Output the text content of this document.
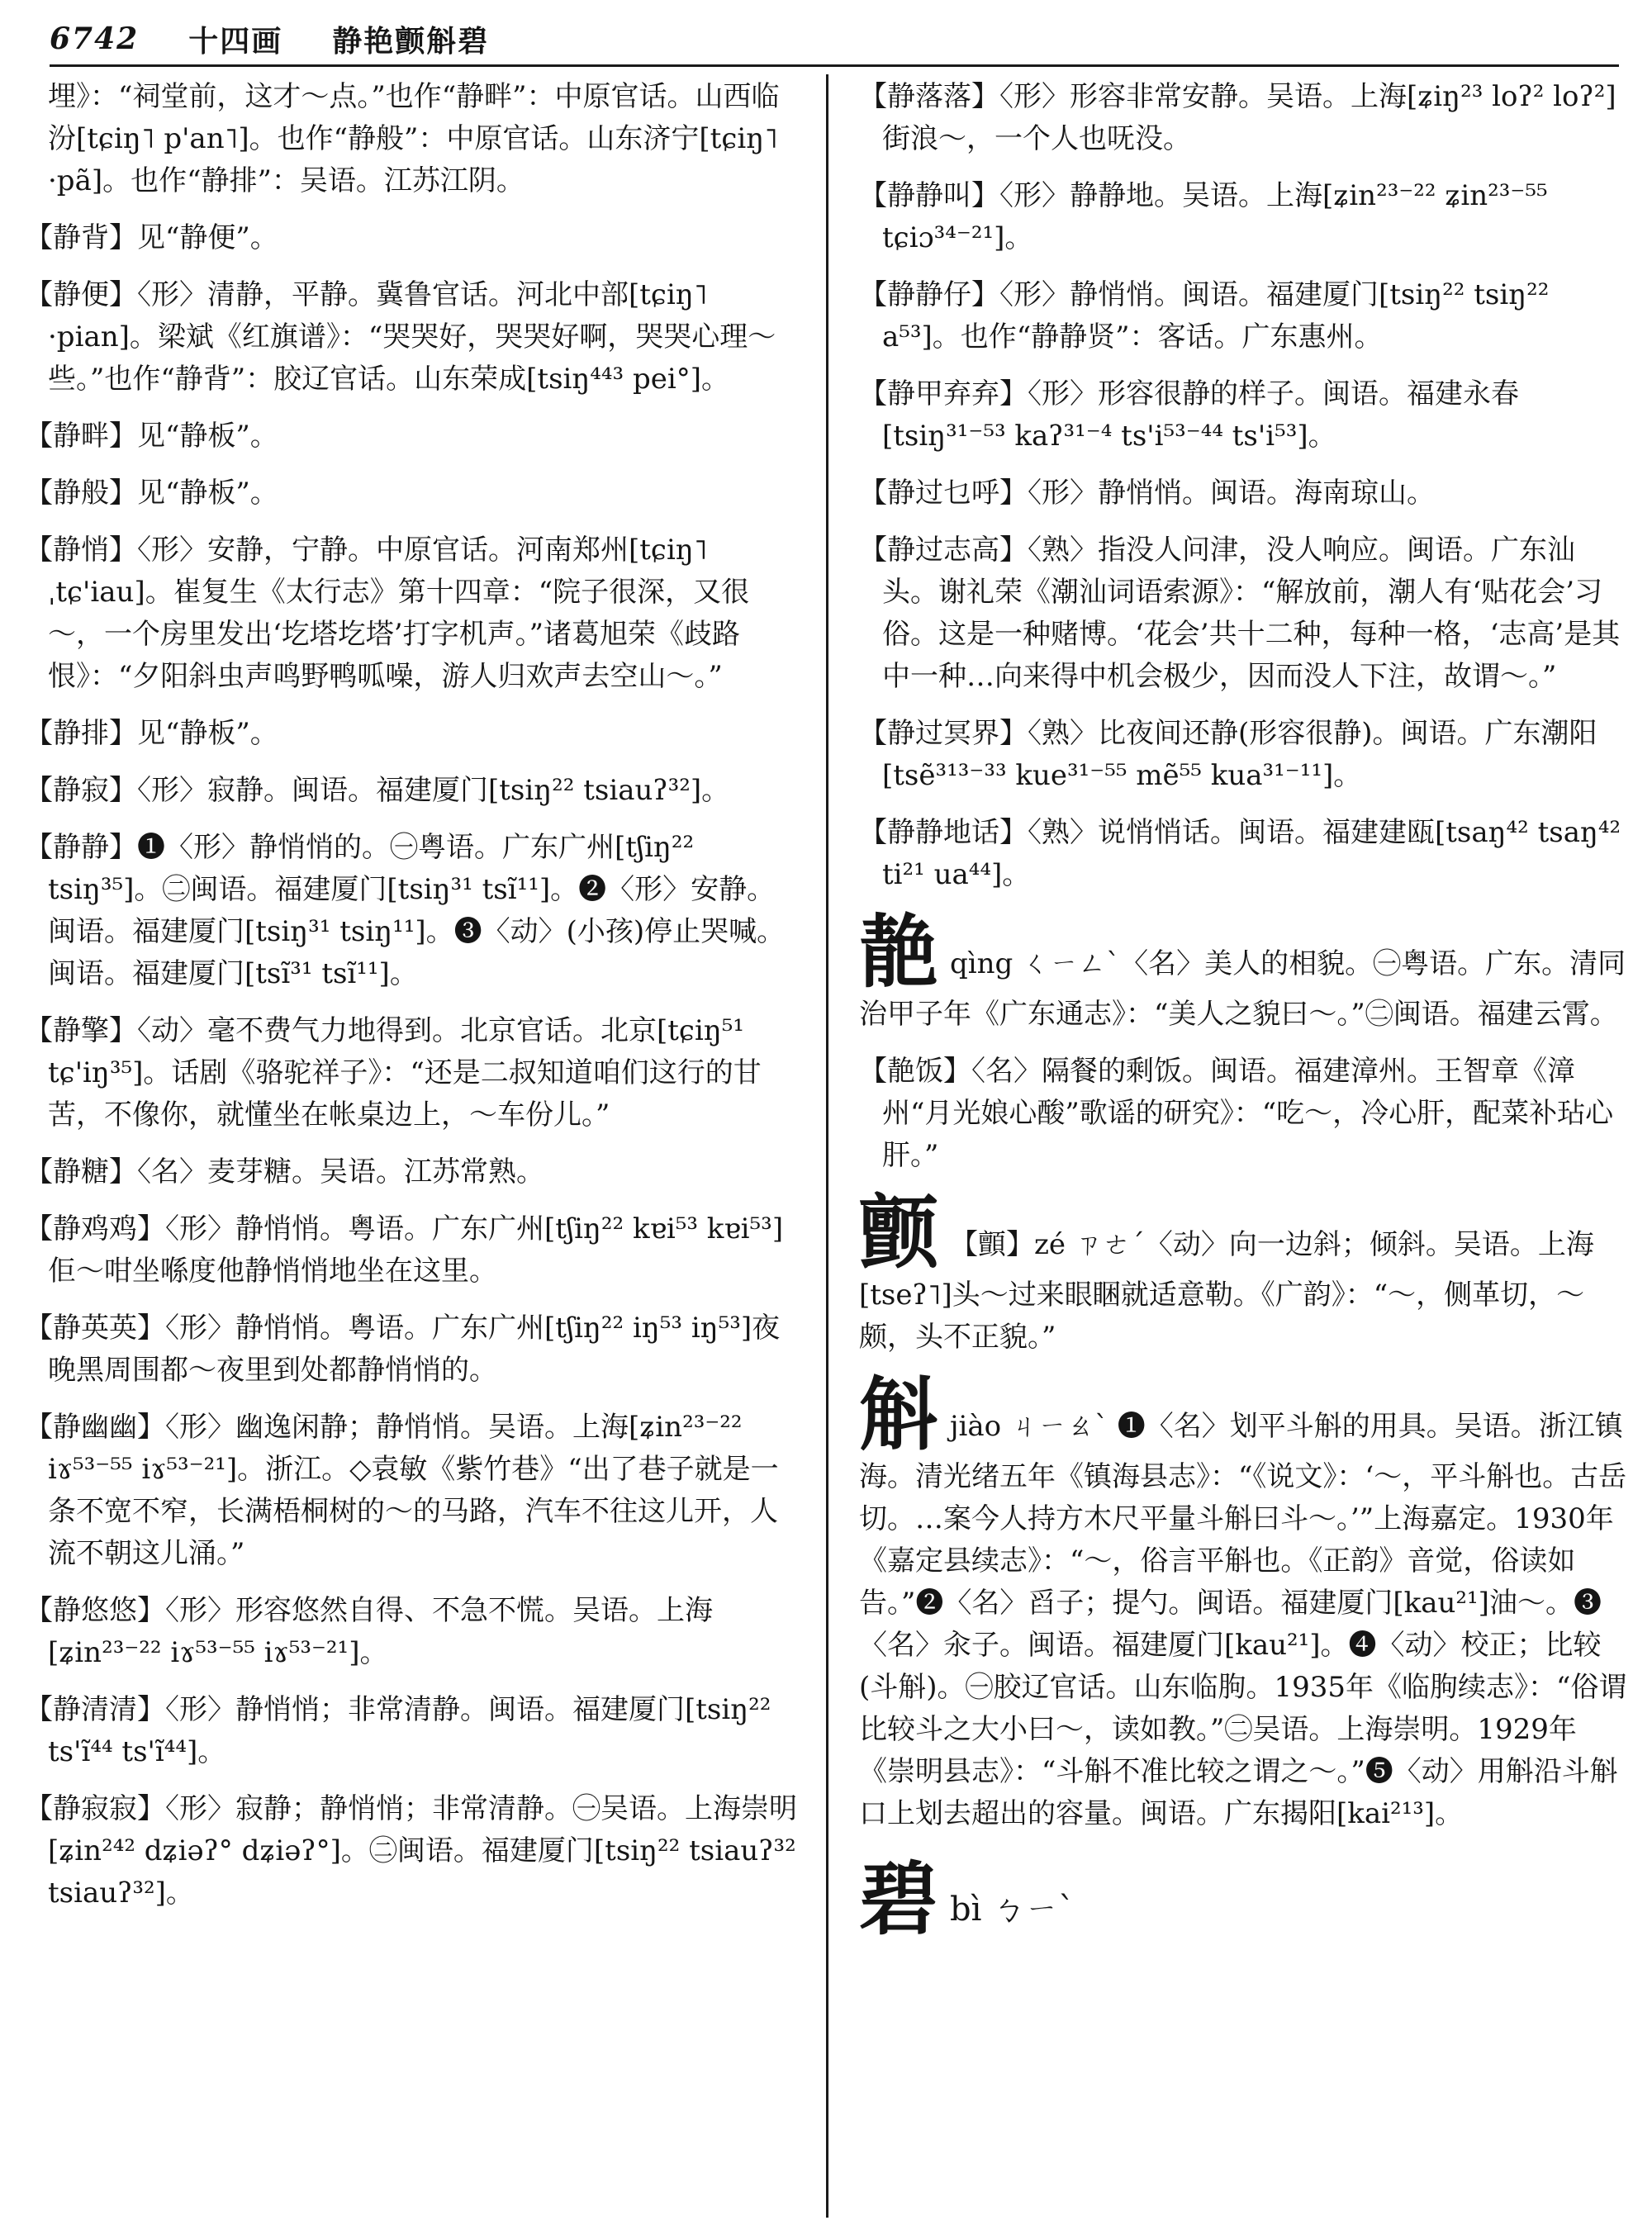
6742 十四画 静艳颤斛碧

埋》：“祠堂前，这才～点。”也作“静畔”：中原官话。山西临汾[tɕiŋ˥ p'an˥]。也作“静般”：中原官话。山东济宁[tɕiŋ˥ ·pã]。也作“静排”：吴语。江苏江阴。

【静背】见“静便”。

【静便】〈形〉清静，平静。冀鲁官话。河北中部[tɕiŋ˥ ·pian]。梁斌《红旗谱》：“哭哭好，哭哭好啊，哭哭心理～些。”也作“静背”：胶辽官话。山东荣成[tsiŋ⁴⁴³ pei°]。

【静畔】见“静板”。

【静般】见“静板”。

【静悄】〈形〉安静，宁静。中原官话。河南郑州[tɕiŋ˥ ˌtɕ'iau]。崔复生《太行志》第十四章：“院子很深，又很～，一个房里发出‘圪塔圪塔’打字机声。”诸葛旭荣《歧路恨》：“夕阳斜虫声鸣野鸭呱噪，游人归欢声去空山～。”

【静排】见“静板”。

【静寂】〈形〉寂静。闽语。福建厦门[tsiŋ²² tsiauʔ³²]。

【静静】❶〈形〉静悄悄的。㊀粤语。广东广州[tʃiŋ²² tsiŋ³⁵]。㊁闽语。福建厦门[tsiŋ³¹ tsĩ¹¹]。❷〈形〉安静。闽语。福建厦门[tsiŋ³¹ tsiŋ¹¹]。❸〈动〉(小孩)停止哭喊。闽语。福建厦门[tsĩ³¹ tsĩ¹¹]。

【静擎】〈动〉毫不费气力地得到。北京官话。北京[tɕiŋ⁵¹ tɕ'iŋ³⁵]。话剧《骆驼祥子》：“还是二叔知道咱们这行的甘苦，不像你，就懂坐在帐桌边上，～车份儿。”

【静糖】〈名〉麦芽糖。吴语。江苏常熟。

【静鸡鸡】〈形〉静悄悄。粤语。广东广州[tʃiŋ²² kɐi⁵³ kɐi⁵³]佢～咁坐喺度他静悄悄地坐在这里。

【静英英】〈形〉静悄悄。粤语。广东广州[tʃiŋ²² iŋ⁵³ iŋ⁵³]夜晚黑周围都～夜里到处都静悄悄的。

【静幽幽】〈形〉幽逸闲静；静悄悄。吴语。上海[ʑin²³⁻²² iɤ⁵³⁻⁵⁵ iɤ⁵³⁻²¹]。浙江。◇袁敏《紫竹巷》“出了巷子就是一条不宽不窄，长满梧桐树的～的马路，汽车不往这儿开，人流不朝这儿涌。”

【静悠悠】〈形〉形容悠然自得、不急不慌。吴语。上海[ʑin²³⁻²² iɤ⁵³⁻⁵⁵ iɤ⁵³⁻²¹]。

【静清清】〈形〉静悄悄；非常清静。闽语。福建厦门[tsiŋ²² ts'ĩ⁴⁴ ts'ĩ⁴⁴]。

【静寂寂】〈形〉寂静；静悄悄；非常清静。㊀吴语。上海崇明[ʑin²⁴² dʑiəʔ° dʑiəʔ°]。㊁闽语。福建厦门[tsiŋ²² tsiauʔ³² tsiauʔ³²]。

【静落落】〈形〉形容非常安静。吴语。上海[ʑiŋ²³ loʔ² loʔ²]街浪～，一个人也呒没。

【静静叫】〈形〉静静地。吴语。上海[ʑin²³⁻²² ʑin²³⁻⁵⁵ tɕiɔ³⁴⁻²¹]。

【静静仔】〈形〉静悄悄。闽语。福建厦门[tsiŋ²² tsiŋ²² a⁵³]。也作“静静贤”：客话。广东惠州。

【静甲弃弃】〈形〉形容很静的样子。闽语。福建永春[tsiŋ³¹⁻⁵³ kaʔ³¹⁻⁴ ts'i⁵³⁻⁴⁴ ts'i⁵³]。

【静过乜呼】〈形〉静悄悄。闽语。海南琼山。

【静过志高】〈熟〉指没人问津，没人响应。闽语。广东汕头。谢礼荣《潮汕词语索源》：“解放前，潮人有‘贴花会’习俗。这是一种赌博。‘花会’共十二种，每种一格，‘志高’是其中一种…向来得中机会极少，因而没人下注，故谓～。”

【静过冥界】〈熟〉比夜间还静(形容很静)。闽语。广东潮阳[tsẽ³¹³⁻³³ kue³¹⁻⁵⁵ mẽ⁵⁵ kua³¹⁻¹¹]。

【静静地话】〈熟〉说悄悄话。闽语。福建建瓯[tsaŋ⁴² tsaŋ⁴² ti²¹ ua⁴⁴]。

靘qìng ㄑㄧㄥˋ〈名〉美人的相貌。㊀粤语。广东。清同治甲子年《广东通志》：“美人之貌曰～。”㊁闽语。福建云霄。

【靘饭】〈名〉隔餐的剩饭。闽语。福建漳州。王智章《漳州“月光娘心酸”歌谣的研究》：“吃～，冷心肝，配菜补玷心肝。”

颤 【顫】zé ㄗㄜˊ〈动〉向一边斜；倾斜。吴语。上海[tseʔ˥]头～过来眼睏就适意勒。《广韵》：“～，侧革切，～颇，头不正貌。”

斛jiào ㄐㄧㄠˋ ❶〈名〉划平斗斛的用具。吴语。浙江镇海。清光绪五年《镇海县志》：“《说文》：‘～，平斗斛也。古岳切。…案今人持方木尺平量斗斛曰斗～。’”上海嘉定。1930年《嘉定县续志》：“～，俗言平斛也。《正韵》音觉，俗读如告。”❷〈名〉舀子；提勺。闽语。福建厦门[kau²¹]油～。❸〈名〉汆子。闽语。福建厦门[kau²¹]。❹〈动〉校正；比较(斗斛)。㊀胶辽官话。山东临朐。1935年《临朐续志》：“俗谓比较斗之大小曰～，读如教。”㊁吴语。上海崇明。1929年《崇明县志》：“斗斛不准比较之谓之～。”❺〈动〉用斛沿斗斛口上划去超出的容量。闽语。广东揭阳[kai²¹³]。

碧bì ㄅㄧˋ
